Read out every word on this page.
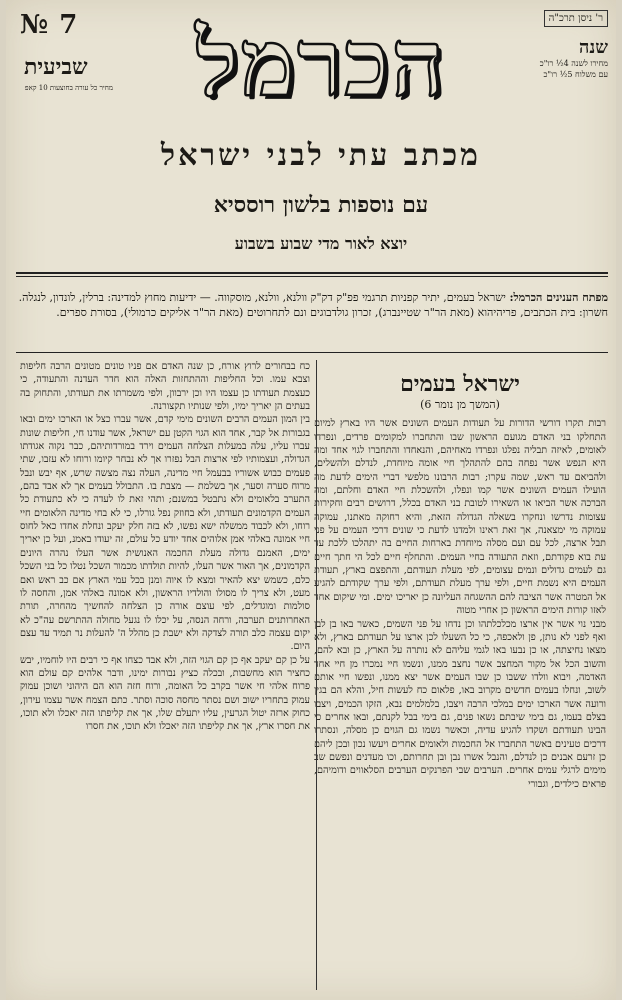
№ 7
שביעית
מחיר כל עורה בחוצעות 10 קאפ
ר' ניסן תרכ"ה
שנה
מחירו לשנה 4½ רו"כ
עם משלוח 5½ רו"כ
הכרמל
מכתב עתי לבני ישראל
עם נוספות בלשון רוססיא
יוצא לאור מדי שבוע בשבוע
מפתח הענינים הכרמל: ישראל בעמים, יתיר קפניות תרגמי פפ"ק דק"ק וולנא, וולנא, מוסקווה. — ידיעות מחוץ למדינה: ברלין, לונדון, לנגלה. חשרון: בית הכתבים, פריהיהוא (מאת הר"ר שטיינברג), זכרון גולדבוגים ונם לתחרוטים (מאת הר"ר אליקים כרמולי), בסורת ספרים.
ישראל בעמים
(המשך מן נומר 6)

רבות תקרו דורשי הדורות על תעודות העמים השונים אשר היו בארץ למיום התחלקו בני האדם מגועם הראשון שבו והתחברו למקומים פרדים, ונפרדו לאומים, לאיזה תבליה נפלגו ונפרדו מאחיהם, והנאחדו והתחברו לגוי אחד ומה היא הנפש אשר נפחה בהם להתהלך חיי אומה מיוחדת, לנדלם ולהשלים, ולהביאם עד ראש, שמה עקרו; רבות הרבונו מלפשי דברי הימים לדעת מה הועילו העמים השונים אשר קמו ונפלו, ולהשכלת חיי האדם וחלתם, ומה הברכה אשר הביאו או השאירו לטובת בני האדם בכלל, דרושים רבים וחקירות עצומות נדרשו ונחקרו בשאלה הגדולה הזאת, והיא רחוקה מאתנו, עמוקה עמוקה מי ימצאנה, אך זאת ראינו ולמדנו לדעת כי שונים דרכי העמים על פני תבל ארצה, לכל עם ועם מסלה מיוחדת בארחות החיים בה יתהלכו ללכת עד עת בוא פקודתם, וזאת התעודה בחיי העמים. והתחלף חיים לכל הי חתך חיים גם לעמים גדולים ונמים עצומים, לפי מעלת תעודתם, והתפצם בארץ, תעודת העמים היא נשמת חיים, ולפי ערך מעלת תעודתם, ולפי ערך שקודתם להגיע אל המטרה אשר הציבה להם ההשגחה העליונה כן יאריכו ימים. ומי שיקום אחד לאזו קורות הימים הראשון כן אחרי מטוה

מבני נוי אשר אין ארצו מכלכלתהו וכן נדחו על פני השמים, כאשר באו בן לבן ואף לפני לא נותן, פן ולאכפה, כי כל השעלו לכן ארצו על תעודתם בארץ, ולא מצאו נחיצתה, או כן נבעו באו לגמי עליהם לא נותרה על הארץ, כן ובא להם, והשוב הכל אל מקור המחצב אשר נחצב ממנו, ונשמו חיי נמכרו מן חיי אחד האדמה, ויבוא וולדו ששבו כן שבו העמים אשר יצא ממנו, ונפשו חיי אותם לשוב, ונחלו בעמים חדשים מקרוב באו, פלאום כח לעשות חיל, והלא הם בגין ורועה אשר הארכו ימים במלכי הרבה ויצבו, בלמלמים נבא, הזקו הכמים, ויצבו בצלם בעמו, גם בימי שיבתם נשאו פנים, גם בימי בבל לקנתם, ובאו אחרים כי הבינו תעודתם ושקדו להגיע עדיה, וכאשר נשמו גם הגוים כן מסלה, ונסתרו דרכים טעינים באשר התחברו אל החכמות ולאומים אחרים ויעשו נכון ובכן ליהם כן זרעם אבנים כן לנדלם, והנבל אשרו נבן ובן תחרותם, וכו מעדנים ונפשם שב מימים לרגלי עמים אחרים. הערבים שבי הפרנקים הערבים הסלאווים ודומיהם, פראים כילדים, וגבורי

כח בבחורים לרוץ אורח, כן שנה האדם אם פניו טונים מטונים הרבה חליפות וצבא עמו. וכל החליפות וההתחזות האלה הוא חדר העדנה והתעודה, כי כעצמת תעודתו כן עצמו היו וכן ירבוון, ולפי משמרתו את תעודתו, והתחוק בה בעתים הן יאריך ימיו, ולפי שנותיו תקצורנה.

בין המון העמים הרבים השונים מימי קדם, אשר עברו כצל או הארכו ימים ובאו בגבורות אל קבר, אחד הוא הגוי הקטן עם ישראל, אשר עודנו חי, חליפות שונות עברו עליו, עלה במעלות הצלחה העמים וירד במורדותיהם, כבר נקוה אגודתו הגדולה, ועצמותיו לפי ארצות הבל נפזרו אך לא נבחר קיומו ורוחו לא עזבו, שתי פעמים כבוש אשוריו בבעמל חיי מדינה, העלה נצה מצשה שרש, אף יבש ונבל מרוח סערה וסער, אך בשלמת — מצבת בו. התבולל בעמים אך לא אבד בהם, התערב בלאומים ולא נתבטל במשנם; ותהי זאת לו לעדה כי לא כתעודת כל העמים הקדמונים תעודתו, ולא בחוזק נפל גורלו, כי לא בחי מדינה הלאומים חיי רוחו, ולא לכבוד ממשלה ישא נפשו, לא בזה חלק יעקב ונחלת אחדו כאל לחוס חיי אמונה באלהי אמן אלוהים אחד יודע כל עולם, זה יעודו באמנ, ועל כן יאריך ימים, האמנם גדולה מעלת החכמה האנושית אשר העלו נהרה היונים הקדמונים, אך האור אשר העלו, להיות תולדתו מכמור השכל נטלו כל בני השכל כלם, כשמש יצא להאיר ומצא לו איוה ומנן בכל עמי הארץ אם כב ראש ואם מעט, ולא צריך לו מסולו והולדיו הראשון, ולא אמונה באלהי אמן, והחסה לו סולמות ומוגדלים, לפי עוצם אורה כן הצלחה להחשיך מהחרה, תורת האחרותנים תערבה, ורחה הנסה, על יכלו לו נגעל מחולה ההתרשם עה"כ לא יקום עצמה כלב תורה לצדקה ולא ישבת כן מהלל ה' להעלות נר תמיד עד עצם היום.

על כן קם יעקב אף כן קם הגוי הזה, ולא אבד כצחו אף כי רבים היו לוחמיו, יבש כחציר הוא מחשבות, ובכלה כציץ נבורות ימינו, ודבר אלהים קם עולם הוא פרוח אלהי חי אשר בקרב כל האומה, ורוח חזה הוא הם היהוני ושוכן עמוק עמוק בתחריו ישוב ושם נסתר מחסה סוכה וסתר. כתם הצמח אשר עצמו עירון, כחוק ארזה יטול הגרעין, עליו יתעלם שלו, אך את קליפתו הזה יאכלו ולא תוכו, את חסרו ארץ, אך את קליפתו הזה יאכלו ולא תוכו, את חסרו
